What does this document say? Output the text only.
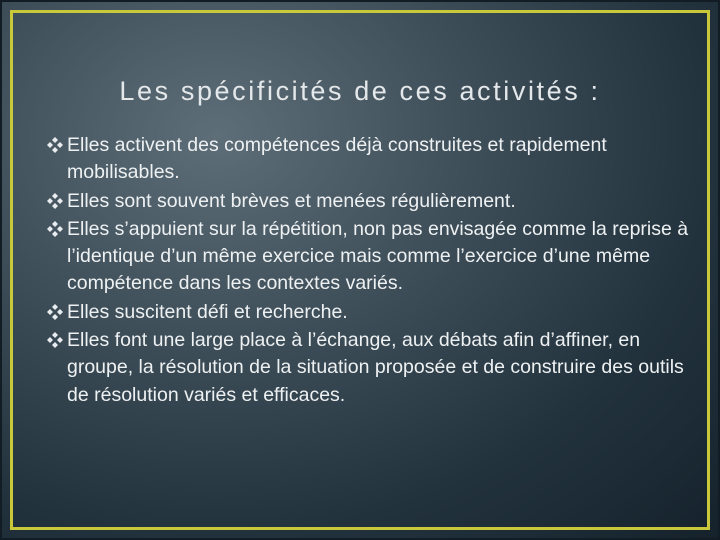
Les spécificités de ces activités :
Elles activent des compétences déjà construites et rapidement mobilisables.
Elles sont souvent brèves et menées régulièrement.
Elles s’appuient sur la répétition, non pas envisagée comme la reprise à l’identique d’un même exercice mais comme l’exercice d’une même compétence dans les contextes variés.
Elles suscitent défi et recherche.
Elles font une large place à l’échange, aux débats afin d’affiner, en groupe, la résolution de la situation proposée et de construire des outils de résolution variés et efficaces.
